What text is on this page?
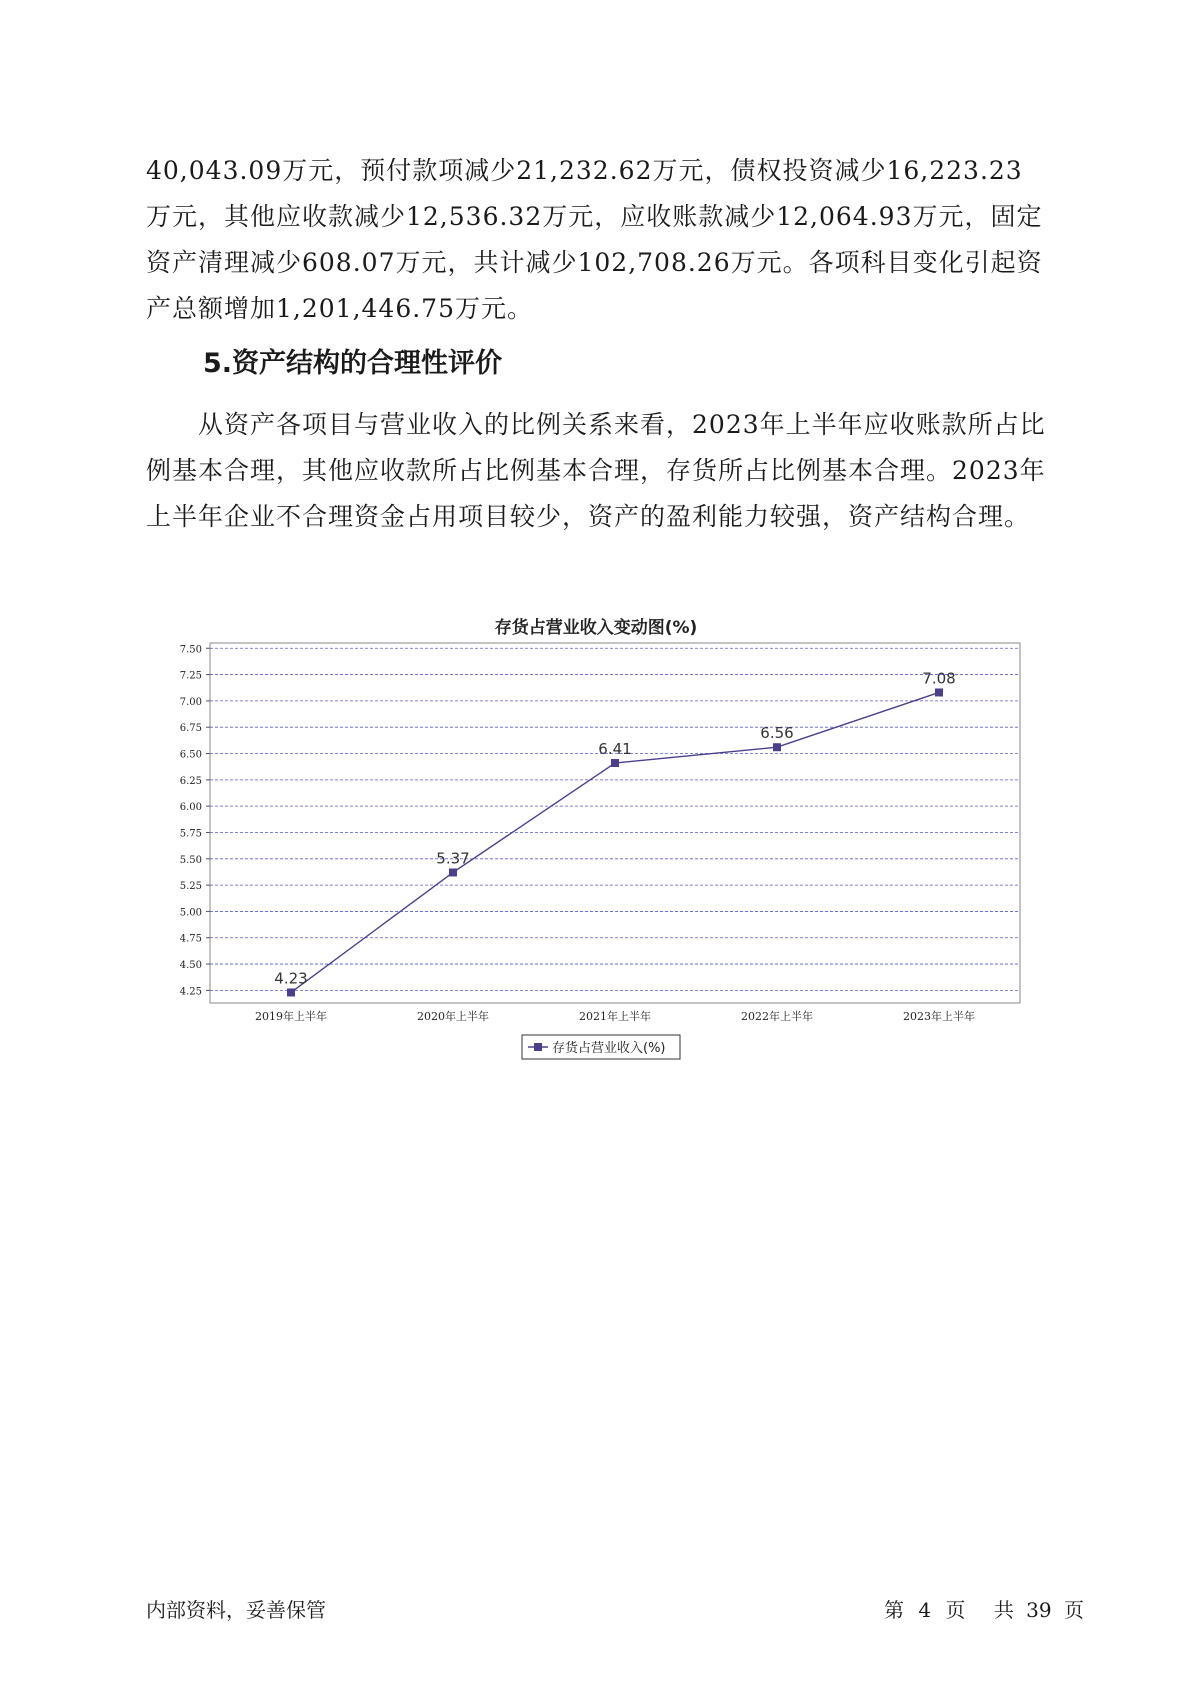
40,043.09万元，预付款项减少21,232.62万元，债权投资减少16,223.23万元，其他应收款减少12,536.32万元，应收账款减少12,064.93万元，固定资产清理减少608.07万元，共计减少102,708.26万元。各项科目变化引起资产总额增加1,201,446.75万元。

5.资产结构的合理性评价

从资产各项目与营业收入的比例关系来看，2023年上半年应收账款所占比例基本合理，其他应收款所占比例基本合理，存货所占比例基本合理。2023年上半年企业不合理资金占用项目较少，资产的盈利能力较强，资产结构合理。

存货占营业收入变动图(%)
4.25
4.50
4.75
5.00
5.25
5.50
5.75
6.00
6.25
6.50
6.75
7.00
7.25
7.50
2019年上半年	2020年上半年	2021年上半年	2022年上半年	2023年上半年
4.23
5.37
6.41
6.56
7.08
存货占营业收入(%)
内部资料，妥善保管	第 4 页 共 39 页
